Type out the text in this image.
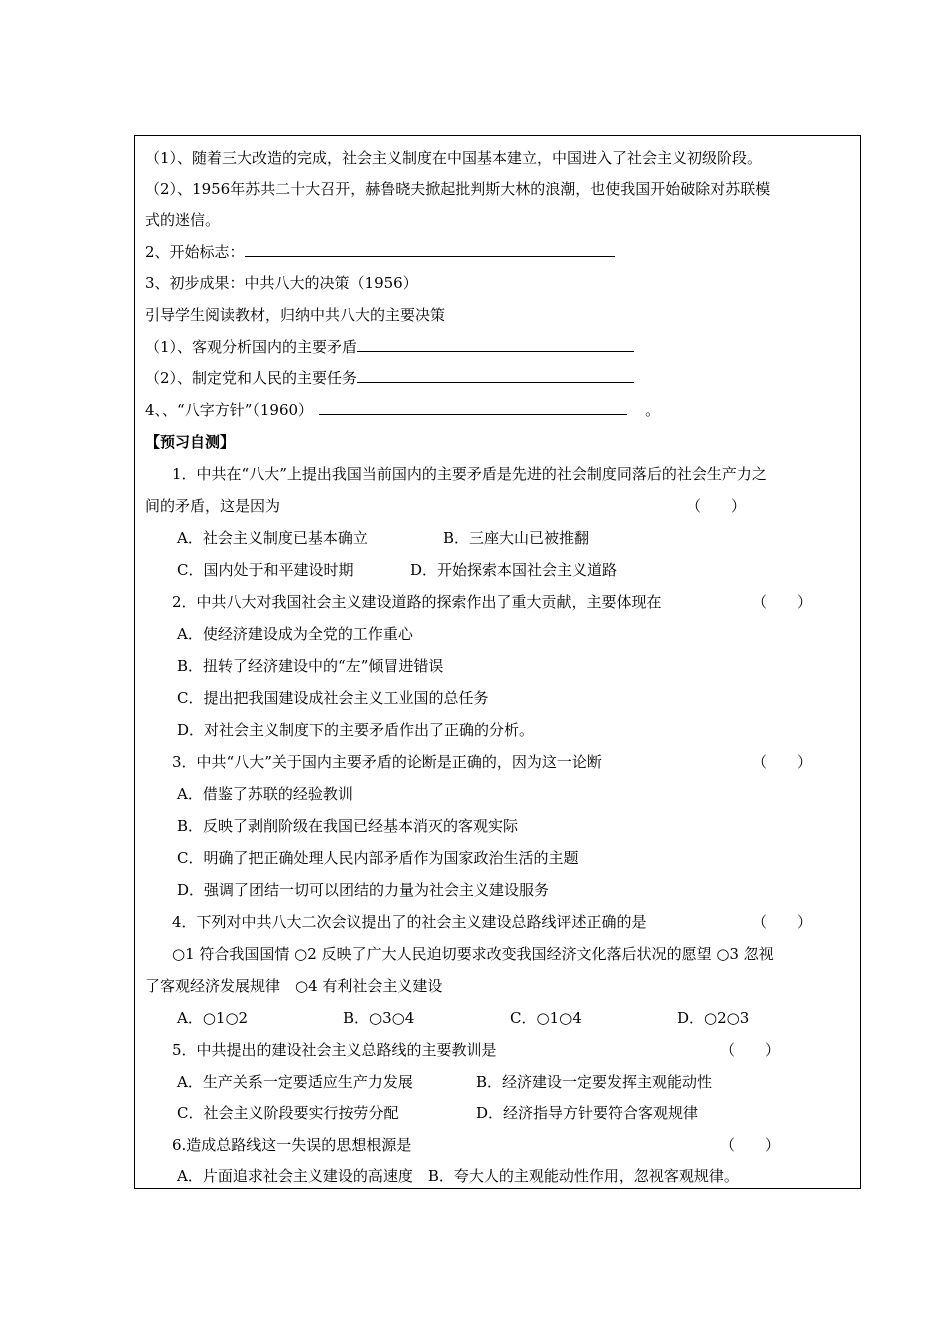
（1）、随着三大改造的完成，社会主义制度在中国基本建立，中国进入了社会主义初级阶段。
（2）、1956年苏共二十大召开，赫鲁晓夫掀起批判斯大林的浪潮，也使我国开始破除对苏联模
式的迷信。
2、开始标志：
3、初步成果：中共八大的决策（1956）
引导学生阅读教材，归纳中共八大的主要决策
（1）、客观分析国内的主要矛盾
（2）、制定党和人民的主要任务
4、、“八字方针”（1960）	。
【预习自测】
1．中共在“八大”上提出我国当前国内的主要矛盾是先进的社会制度同落后的社会生产力之
间的矛盾，这是因为	（　　）
A．社会主义制度已基本确立	B．三座大山已被推翻
C．国内处于和平建设时期	D．开始探索本国社会主义道路
2．中共八大对我国社会主义建设道路的探索作出了重大贡献，主要体现在	（　　）
A．使经济建设成为全党的工作重心
B．扭转了经济建设中的“左”倾冒进错误
C．提出把我国建设成社会主义工业国的总任务
D．对社会主义制度下的主要矛盾作出了正确的分析。
3．中共“八大”关于国内主要矛盾的论断是正确的，因为这一论断	（　　）
A．借鉴了苏联的经验教训
B．反映了剥削阶级在我国已经基本消灭的客观实际
C．明确了把正确处理人民内部矛盾作为国家政治生活的主题
D．强调了团结一切可以团结的力量为社会主义建设服务
4．下列对中共八大二次会议提出了的社会主义建设总路线评述正确的是	（　　）
○1 符合我国国情 ○2 反映了广大人民迫切要求改变我国经济文化落后状况的愿望 ○3 忽视
了客观经济发展规律　○4 有利社会主义建设
A．○1○2	B．○3○4	C．○1○4	D．○2○3
5．中共提出的建设社会主义总路线的主要教训是	（　　）
A．生产关系一定要适应生产力发展	B．经济建设一定要发挥主观能动性
C．社会主义阶段要实行按劳分配	D．经济指导方针要符合客观规律
6.造成总路线这一失误的思想根源是	（　　）
A．片面追求社会主义建设的高速度　B．夸大人的主观能动性作用，忽视客观规律。
